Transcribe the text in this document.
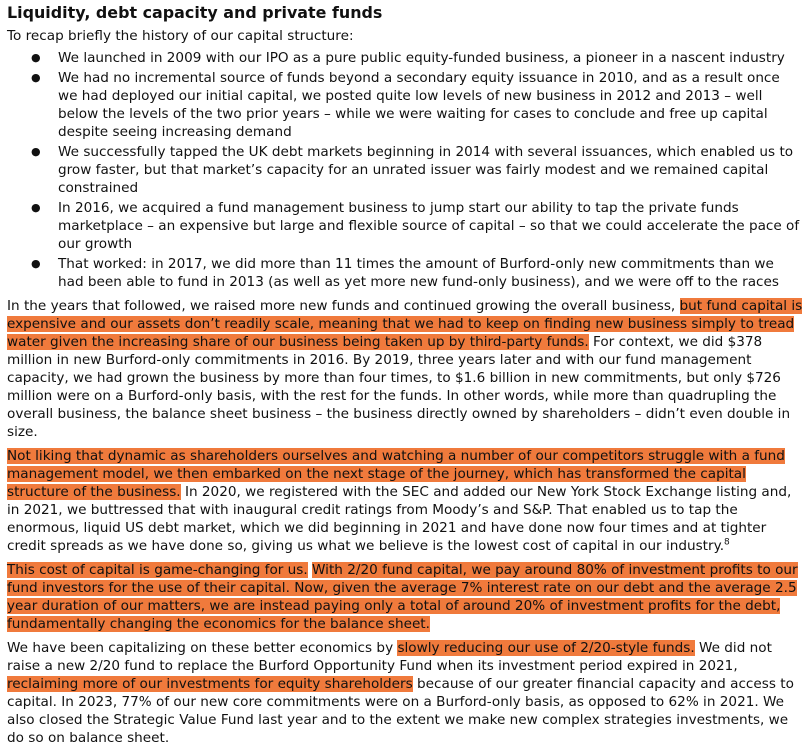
Liquidity, debt capacity and private funds

To recap briefly the history of our capital structure:

● We launched in 2009 with our IPO as a pure public equity-funded business, a pioneer in a nascent industry
● We had no incremental source of funds beyond a secondary equity issuance in 2010, and as a result once we had deployed our initial capital, we posted quite low levels of new business in 2012 and 2013 – well below the levels of the two prior years – while we were waiting for cases to conclude and free up capital despite seeing increasing demand
● We successfully tapped the UK debt markets beginning in 2014 with several issuances, which enabled us to grow faster, but that market’s capacity for an unrated issuer was fairly modest and we remained capital constrained
● In 2016, we acquired a fund management business to jump start our ability to tap the private funds marketplace – an expensive but large and flexible source of capital – so that we could accelerate the pace of our growth
● That worked: in 2017, we did more than 11 times the amount of Burford-only new commitments than we had been able to fund in 2013 (as well as yet more new fund-only business), and we were off to the races

In the years that followed, we raised more new funds and continued growing the overall business, but fund capital is expensive and our assets don’t readily scale, meaning that we had to keep on finding new business simply to tread water given the increasing share of our business being taken up by third-party funds. For context, we did $378 million in new Burford-only commitments in 2016. By 2019, three years later and with our fund management capacity, we had grown the business by more than four times, to $1.6 billion in new commitments, but only $726 million were on a Burford-only basis, with the rest for the funds. In other words, while more than quadrupling the overall business, the balance sheet business – the business directly owned by shareholders – didn’t even double in size.

Not liking that dynamic as shareholders ourselves and watching a number of our competitors struggle with a fund management model, we then embarked on the next stage of the journey, which has transformed the capital structure of the business. In 2020, we registered with the SEC and added our New York Stock Exchange listing and, in 2021, we buttressed that with inaugural credit ratings from Moody’s and S&P. That enabled us to tap the enormous, liquid US debt market, which we did beginning in 2021 and have done now four times and at tighter credit spreads as we have done so, giving us what we believe is the lowest cost of capital in our industry.$^8$

This cost of capital is game-changing for us. With 2/20 fund capital, we pay around 80% of investment profits to our fund investors for the use of their capital. Now, given the average 7% interest rate on our debt and the average 2.5 year duration of our matters, we are instead paying only a total of around 20% of investment profits for the debt, fundamentally changing the economics for the balance sheet.

We have been capitalizing on these better economics by slowly reducing our use of 2/20-style funds. We did not raise a new 2/20 fund to replace the Burford Opportunity Fund when its investment period expired in 2021, reclaiming more of our investments for equity shareholders because of our greater financial capacity and access to capital. In 2023, 77% of our new core commitments were on a Burford-only basis, as opposed to 62% in 2021. We also closed the Strategic Value Fund last year and to the extent we make new complex strategies investments, we do so on balance sheet.
